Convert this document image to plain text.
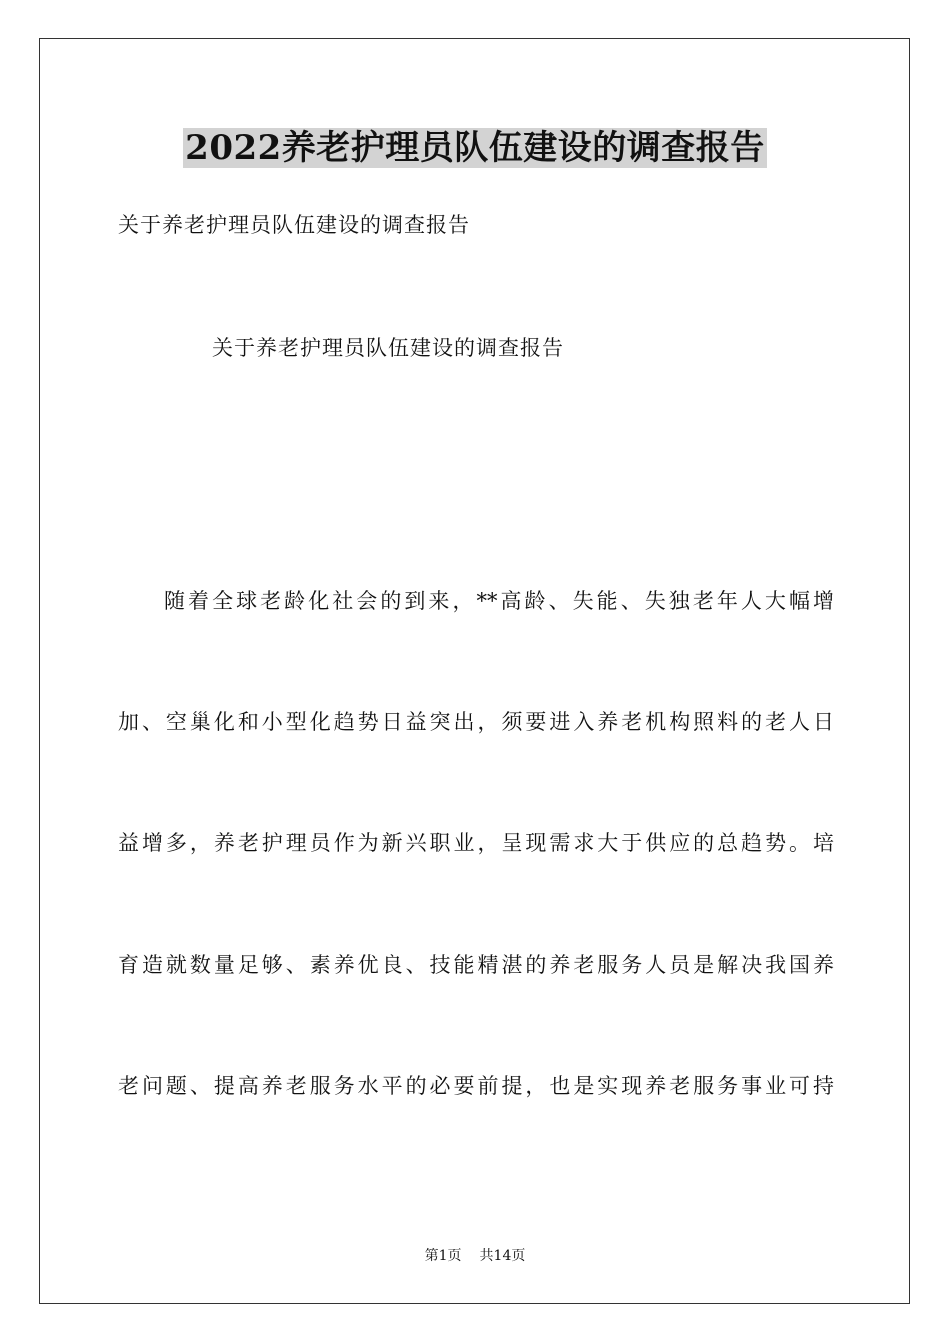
2022养老护理员队伍建设的调查报告
关于养老护理员队伍建设的调查报告
关于养老护理员队伍建设的调查报告
随着全球老龄化社会的到来，**高龄、失能、失独老年人大幅增
加、空巢化和小型化趋势日益突出，须要进入养老机构照料的老人日
益增多，养老护理员作为新兴职业，呈现需求大于供应的总趋势。培
育造就数量足够、素养优良、技能精湛的养老服务人员是解决我国养
老问题、提高养老服务水平的必要前提，也是实现养老服务事业可持
第1页 共14页
